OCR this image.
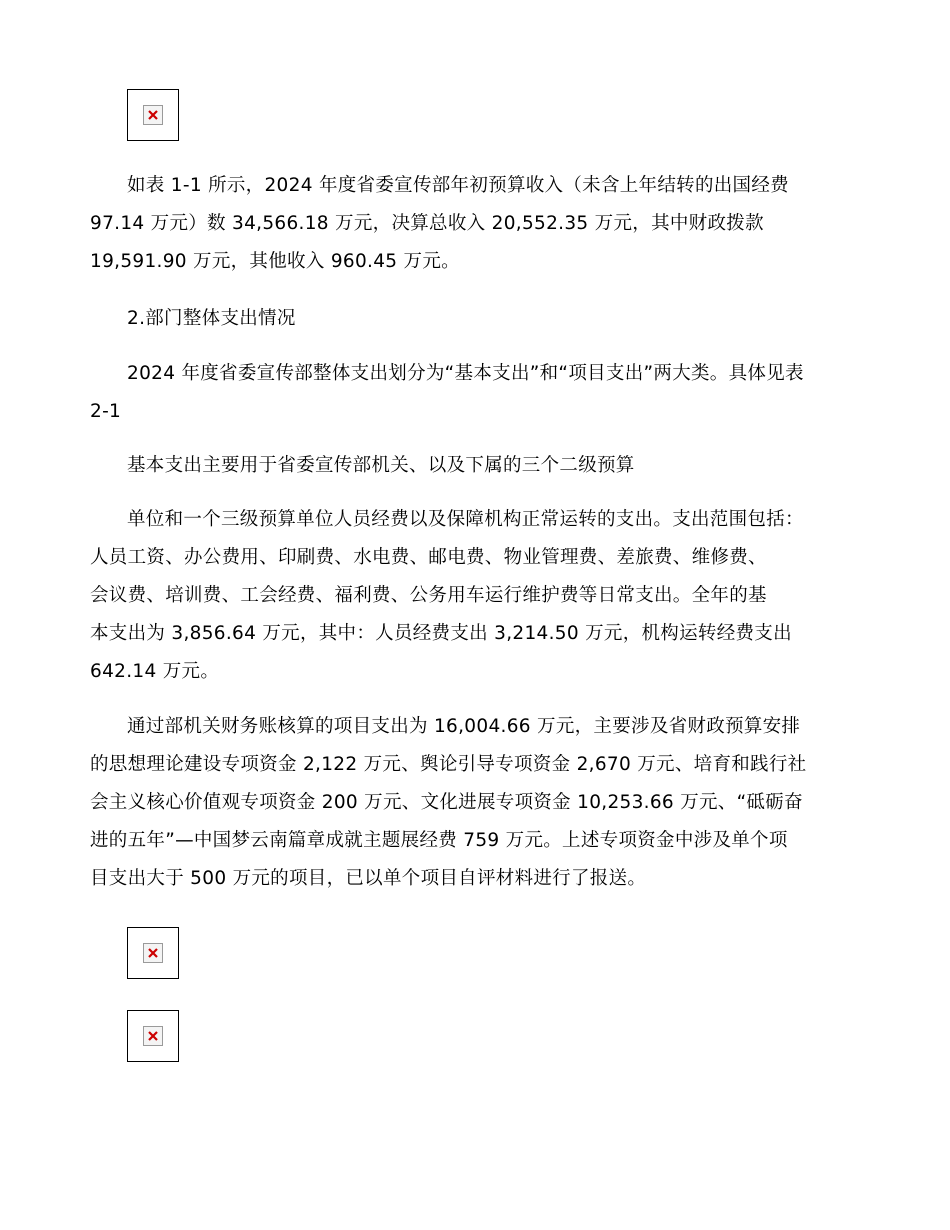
如表 1-1 所示，2024 年度省委宣传部年初预算收入（未含上年结转的出国经费
97.14 万元）数 34,566.18 万元，决算总收入 20,552.35 万元，其中财政拨款
19,591.90 万元，其他收入 960.45 万元。

2.部门整体支出情况

2024 年度省委宣传部整体支出划分为“基本支出”和“项目支出”两大类。具体见表
2-1

基本支出主要用于省委宣传部机关、以及下属的三个二级预算

单位和一个三级预算单位人员经费以及保障机构正常运转的支出。支出范围包括：
人员工资、办公费用、印刷费、水电费、邮电费、物业管理费、差旅费、维修费、
会议费、培训费、工会经费、福利费、公务用车运行维护费等日常支出。全年的基
本支出为 3,856.64 万元，其中：人员经费支出 3,214.50 万元，机构运转经费支出
642.14 万元。

通过部机关财务账核算的项目支出为 16,004.66 万元，主要涉及省财政预算安排
的思想理论建设专项资金 2,122 万元、舆论引导专项资金 2,670 万元、培育和践行社
会主义核心价值观专项资金 200 万元、文化进展专项资金 10,253.66 万元、“砥砺奋
进的五年”—中国梦云南篇章成就主题展经费 759 万元。上述专项资金中涉及单个项
目支出大于 500 万元的项目，已以单个项目自评材料进行了报送。
